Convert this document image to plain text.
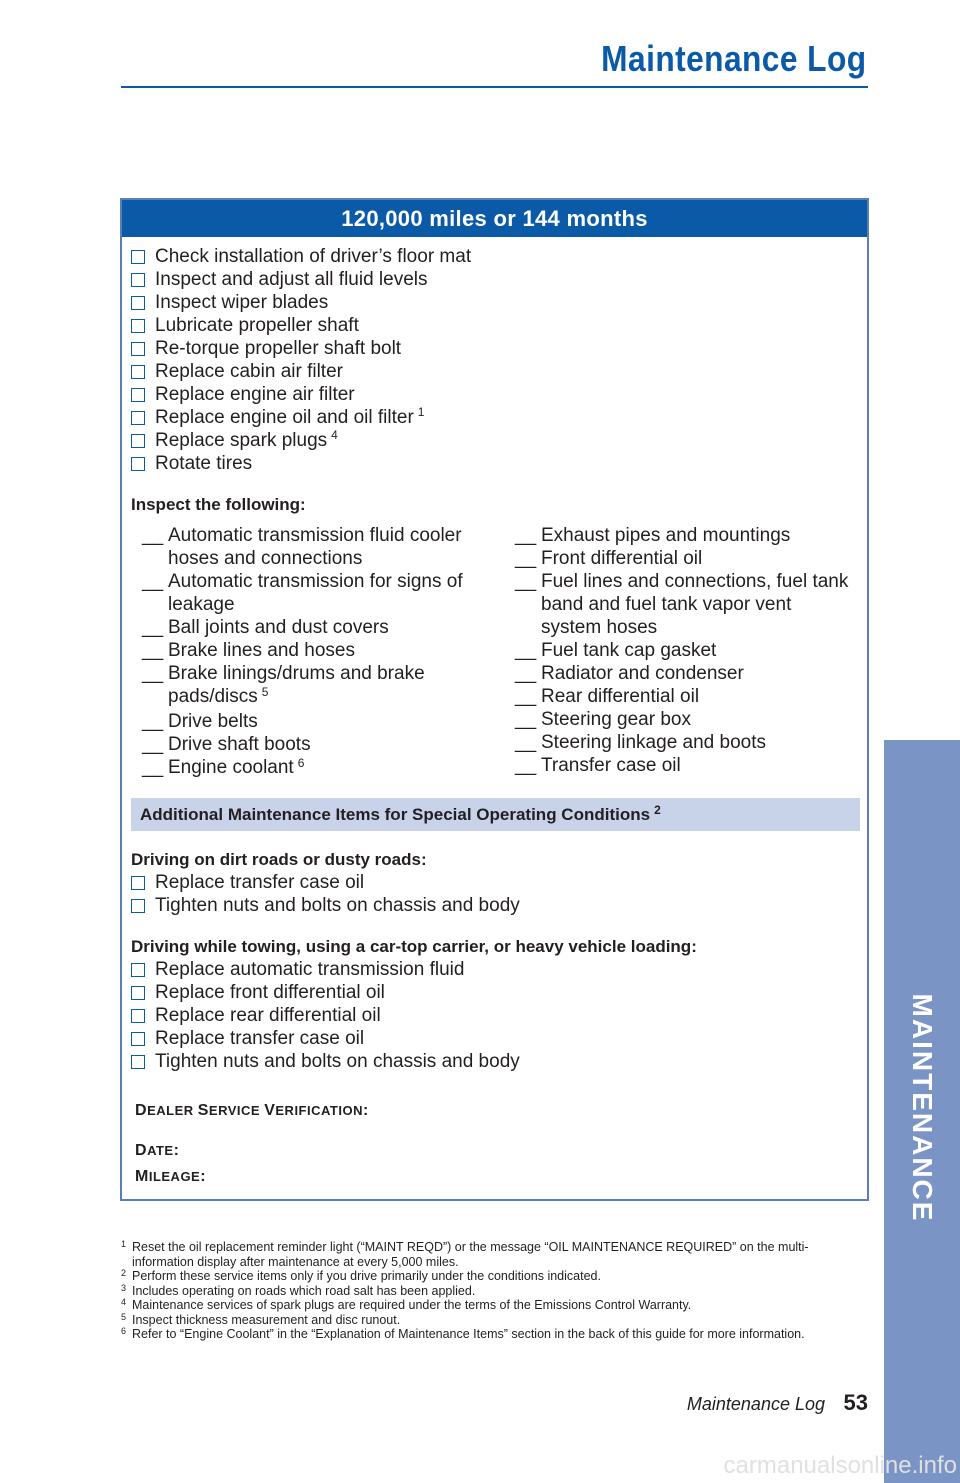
Maintenance Log
MAINTENANCE
120,000 miles or 144 months
Check installation of driver’s floor mat
Inspect and adjust all fluid levels
Inspect wiper blades
Lubricate propeller shaft
Re-torque propeller shaft bolt
Replace cabin air filter
Replace engine air filter
Replace engine oil and oil filter $^1$
Replace spark plugs $^4$
Rotate tires
Inspect the following:
__ Automatic transmission fluid cooler hoses and connections
__ Automatic transmission for signs of leakage
__ Ball joints and dust covers
__ Brake lines and hoses
__ Brake linings/drums and brake pads/discs $^5$
__ Drive belts
__ Drive shaft boots
__ Engine coolant $^6$
__ Exhaust pipes and mountings
__ Front differential oil
__ Fuel lines and connections, fuel tank band and fuel tank vapor vent system hoses
__ Fuel tank cap gasket
__ Radiator and condenser
__ Rear differential oil
__ Steering gear box
__ Steering linkage and boots
__ Transfer case oil
Additional Maintenance Items for Special Operating Conditions $^2$
Driving on dirt roads or dusty roads:
Replace transfer case oil
Tighten nuts and bolts on chassis and body
Driving while towing, using a car-top carrier, or heavy vehicle loading:
Replace automatic transmission fluid
Replace front differential oil
Replace rear differential oil
Replace transfer case oil
Tighten nuts and bolts on chassis and body
DEALER SERVICE VERIFICATION:
DATE:
MILEAGE:
1 Reset the oil replacement reminder light (“MAINT REQD”) or the message “OIL MAINTENANCE REQUIRED” on the multi-information display after maintenance at every 5,000 miles.
2 Perform these service items only if you drive primarily under the conditions indicated.
3 Includes operating on roads which road salt has been applied.
4 Maintenance services of spark plugs are required under the terms of the Emissions Control Warranty.
5 Inspect thickness measurement and disc runout.
6 Refer to “Engine Coolant” in the “Explanation of Maintenance Items” section in the back of this guide for more information.
Maintenance Log 53
carmanualsonline.info
